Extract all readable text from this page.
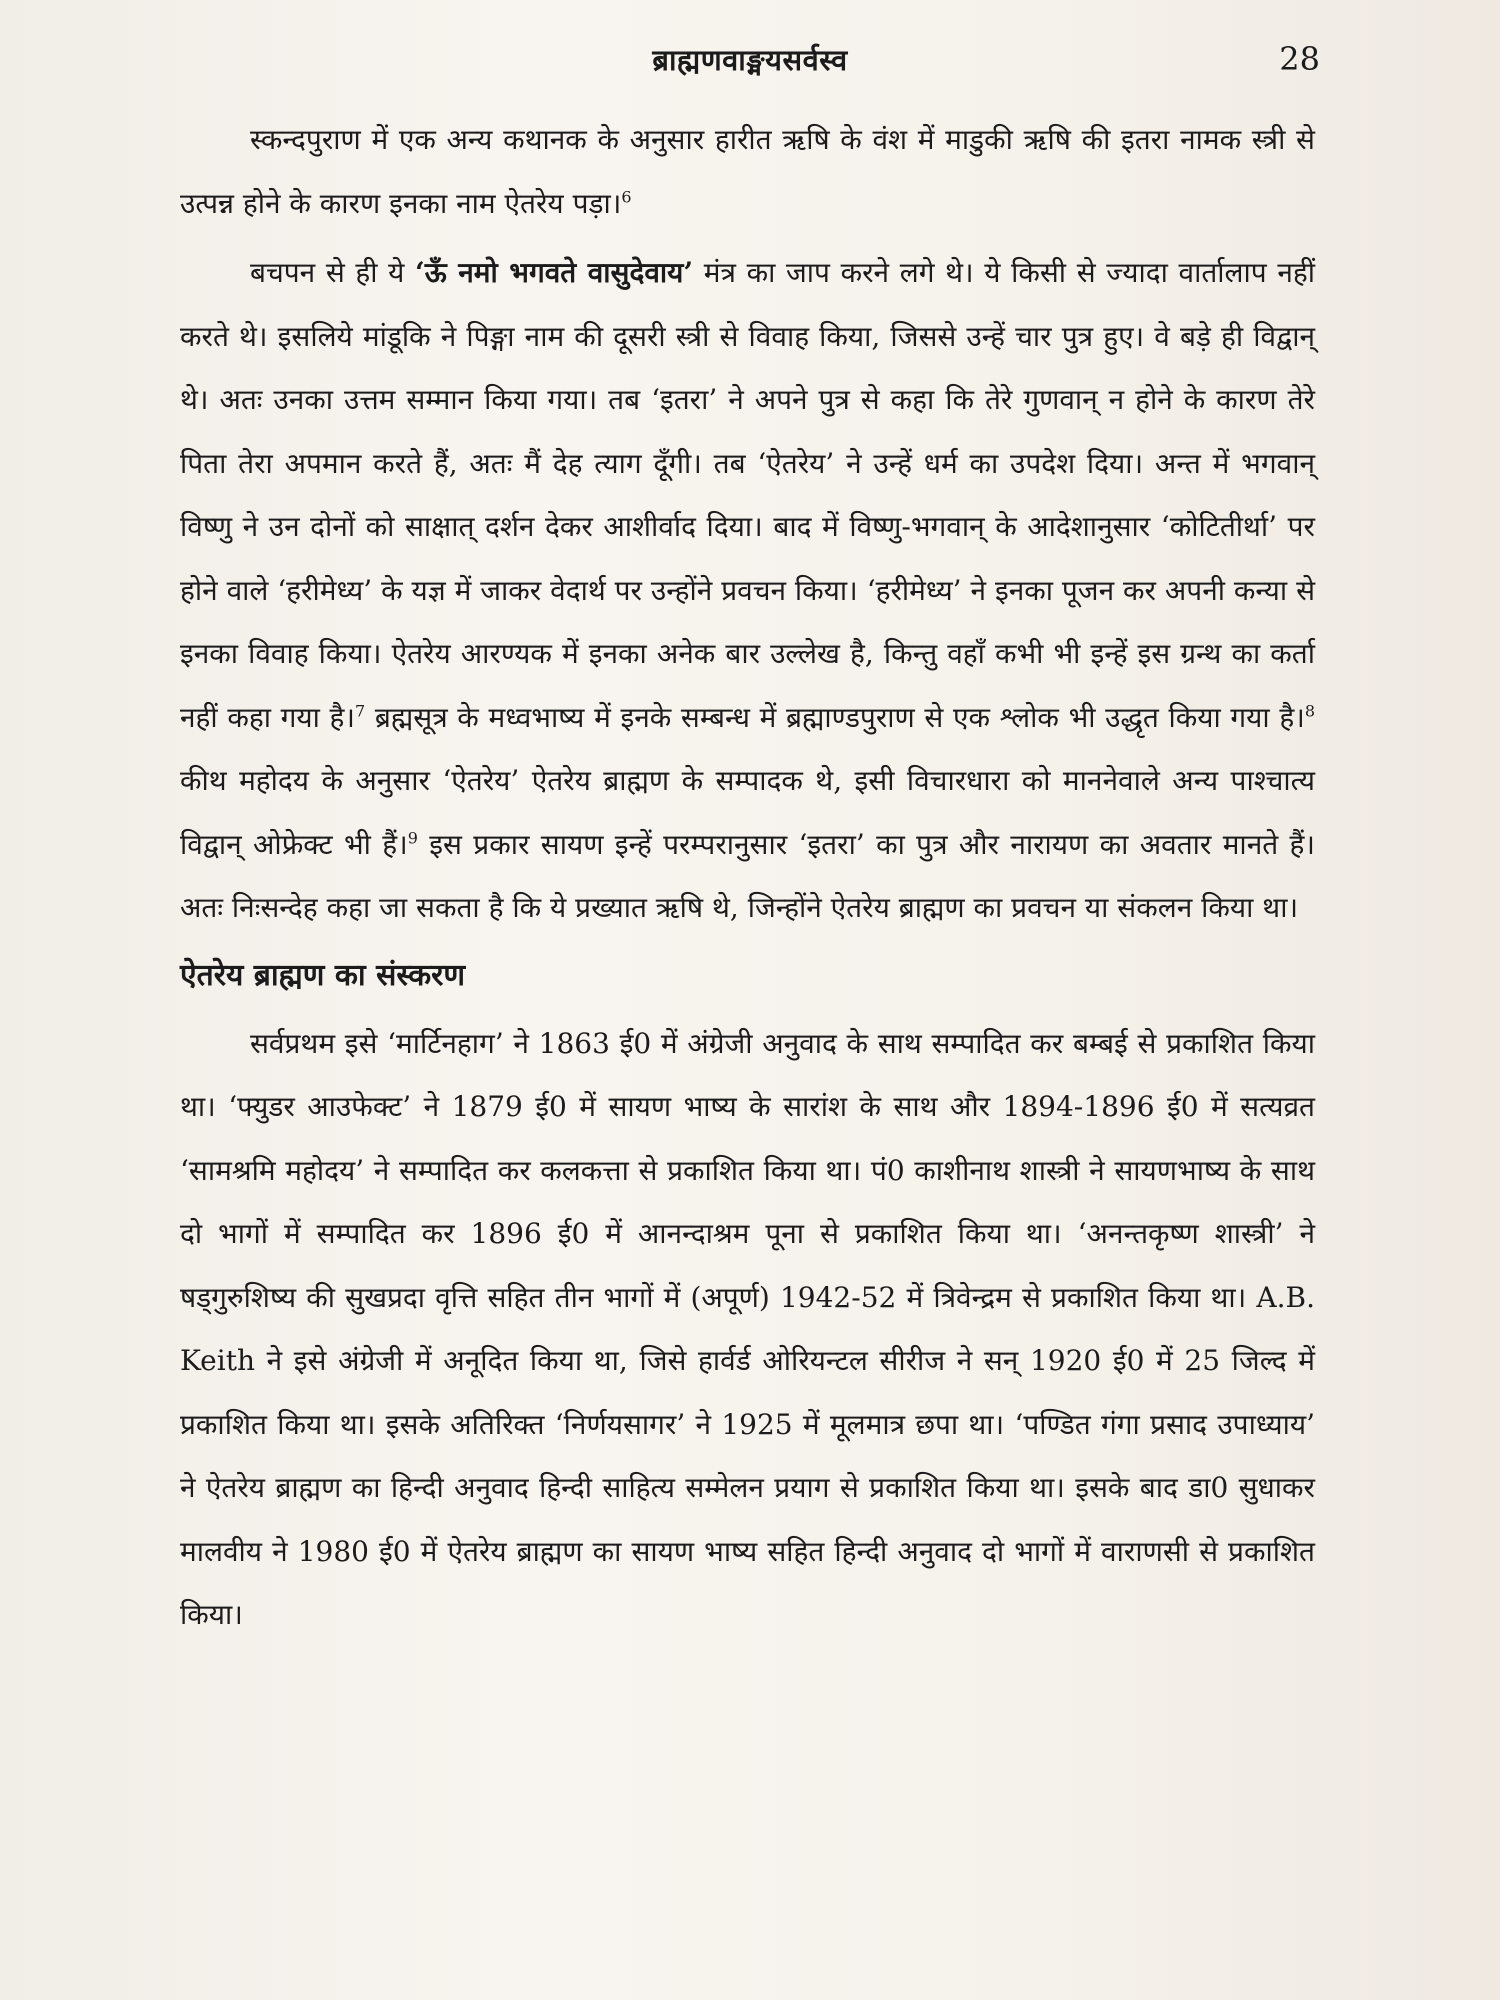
ब्राह्मणवाङ्मयसर्वस्व	28

स्कन्दपुराण में एक अन्य कथानक के अनुसार हारीत ऋषि के वंश में माडुकी ऋषि की इतरा नामक स्त्री से उत्पन्न होने के कारण इनका नाम ऐतरेय पड़ा।$^6$

बचपन से ही ये ‘ऊँ नमो भगवते वासुदेवाय’ मंत्र का जाप करने लगे थे। ये किसी से ज्यादा वार्तालाप नहीं करते थे। इसलिये मांडूकि ने पिङ्गा नाम की दूसरी स्त्री से विवाह किया, जिससे उन्हें चार पुत्र हुए। वे बड़े ही विद्वान् थे। अतः उनका उत्तम सम्मान किया गया। तब ‘इतरा’ ने अपने पुत्र से कहा कि तेरे गुणवान् न होने के कारण तेरे पिता तेरा अपमान करते हैं, अतः मैं देह त्याग दूँगी। तब ‘ऐतरेय’ ने उन्हें धर्म का उपदेश दिया। अन्त में भगवान् विष्णु ने उन दोनों को साक्षात् दर्शन देकर आशीर्वाद दिया। बाद में विष्णु-भगवान् के आदेशानुसार ‘कोटितीर्था’ पर होने वाले ‘हरीमेध्य’ के यज्ञ में जाकर वेदार्थ पर उन्होंने प्रवचन किया। ‘हरीमेध्य’ ने इनका पूजन कर अपनी कन्या से इनका विवाह किया। ऐतरेय आरण्यक में इनका अनेक बार उल्लेख है, किन्तु वहाँ कभी भी इन्हें इस ग्रन्थ का कर्ता नहीं कहा गया है।$^7$ ब्रह्मसूत्र के मध्वभाष्य में इनके सम्बन्ध में ब्रह्माण्डपुराण से एक श्लोक भी उद्धृत किया गया है।$^8$ कीथ महोदय के अनुसार ‘ऐतरेय’ ऐतरेय ब्राह्मण के सम्पादक थे, इसी विचारधारा को माननेवाले अन्य पाश्चात्य विद्वान् ओफ्रेक्ट भी हैं।$^9$ इस प्रकार सायण इन्हें परम्परानुसार ‘इतरा’ का पुत्र और नारायण का अवतार मानते हैं। अतः निःसन्देह कहा जा सकता है कि ये प्रख्यात ऋषि थे, जिन्होंने ऐतरेय ब्राह्मण का प्रवचन या संकलन किया था।

ऐतरेय ब्राह्मण का संस्करण

सर्वप्रथम इसे ‘मार्टिनहाग’ ने 1863 ई0 में अंग्रेजी अनुवाद के साथ सम्पादित कर बम्बई से प्रकाशित किया था। ‘फ्युडर आउफेक्ट’ ने 1879 ई0 में सायण भाष्य के सारांश के साथ और 1894-1896 ई0 में सत्यव्रत ‘सामश्रमि महोदय’ ने सम्पादित कर कलकत्ता से प्रकाशित किया था। पं0 काशीनाथ शास्त्री ने सायणभाष्य के साथ दो भागों में सम्पादित कर 1896 ई0 में आनन्दाश्रम पूना से प्रकाशित किया था। ‘अनन्तकृष्ण शास्त्री’ ने षड्गुरुशिष्य की सुखप्रदा वृत्ति सहित तीन भागों में (अपूर्ण) 1942-52 में त्रिवेन्द्रम से प्रकाशित किया था। A.B. Keith ने इसे अंग्रेजी में अनूदित किया था, जिसे हार्वर्ड ओरियन्टल सीरीज ने सन् 1920 ई0 में 25 जिल्द में प्रकाशित किया था। इसके अतिरिक्त ‘निर्णयसागर’ ने 1925 में मूलमात्र छपा था। ‘पण्डित गंगा प्रसाद उपाध्याय’ ने ऐतरेय ब्राह्मण का हिन्दी अनुवाद हिन्दी साहित्य सम्मेलन प्रयाग से प्रकाशित किया था। इसके बाद डा0 सुधाकर मालवीय ने 1980 ई0 में ऐतरेय ब्राह्मण का सायण भाष्य सहित हिन्दी अनुवाद दो भागों में वाराणसी से प्रकाशित किया।
